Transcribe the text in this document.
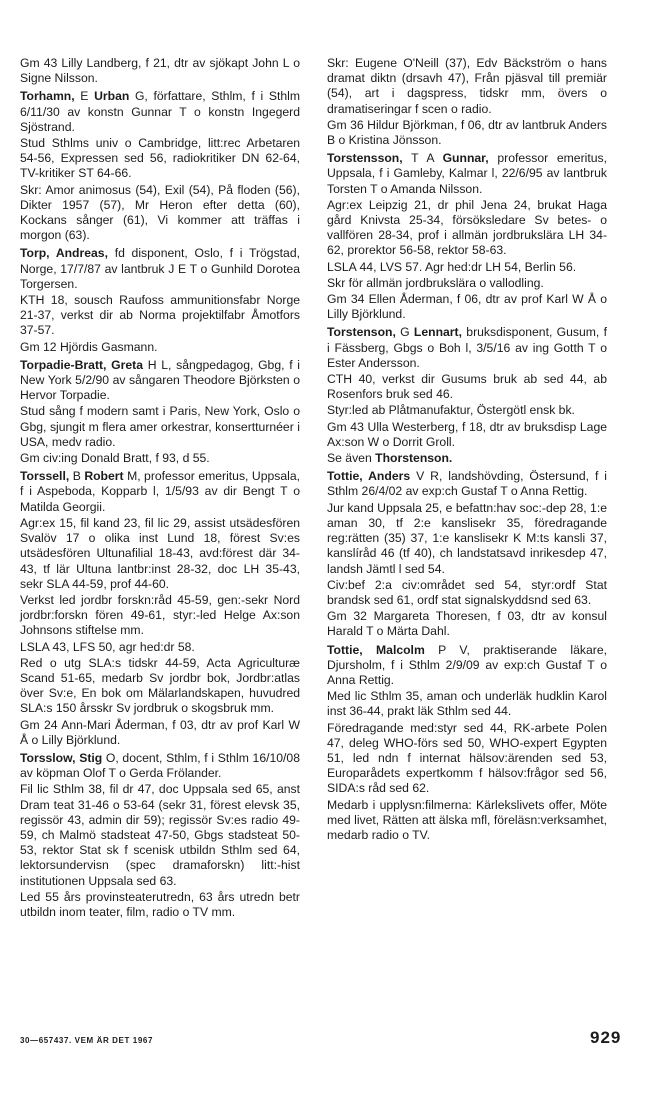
Gm 43 Lilly Landberg, f 21, dtr av sjökapt John L o Signe Nilsson.

Torhamn, E Urban G, författare, Sthlm, f i Sthlm 6/11/30 av konstn Gunnar T o konstn Ingegerd Sjöstrand.

Stud Sthlms univ o Cambridge, litt:rec Arbetaren 54-56, Expressen sed 56, radiokritiker DN 62-64, TV-kritiker ST 64-66.

Skr: Amor animosus (54), Exil (54), På floden (56), Dikter 1957 (57), Mr Heron efter detta (60), Kockans sånger (61), Vi kommer att träffas i morgon (63).

Torp, Andreas, fd disponent, Oslo, f i Trögstad, Norge, 17/7/87 av lantbruk J E T o Gunhild Dorotea Torgersen.

KTH 18, sousch Raufoss ammunitionsfabr Norge 21-37, verkst dir ab Norma projektilfabr Åmotfors 37-57.

Gm 12 Hjördis Gasmann.

Torpadie-Bratt, Greta H L, sångpedagog, Gbg, f i New York 5/2/90 av sångaren Theodore Björksten o Hervor Torpadie.

Stud sång f modern samt i Paris, New York, Oslo o Gbg, sjungit m flera amer orkestrar, konsertturnéer i USA, medv radio.

Gm civ:ing Donald Bratt, f 93, d 55.

Torssell, B Robert M, professor emeritus, Uppsala, f i Aspeboda, Kopparb l, 1/5/93 av dir Bengt T o Matilda Georgii.

Agr:ex 15, fil kand 23, fil lic 29, assist utsädesfören Svalöv 17 o olika inst Lund 18, förest Sv:es utsädesfören Ultunafilial 18-43, avd:förest där 34-43, tf lär Ultuna lantbr:inst 28-32, doc LH 35-43, sekr SLA 44-59, prof 44-60.

Verkst led jordbr forskn:råd 45-59, gen:-sekr Nord jordbr:forskn fören 49-61, styr:-led Helge Ax:son Johnsons stiftelse mm.

LSLA 43, LFS 50, agr hed:dr 58.

Red o utg SLA:s tidskr 44-59, Acta Agriculturæ Scand 51-65, medarb Sv jordbr bok, Jordbr:atlas över Sv:e, En bok om Mälarlandskapen, huvudred SLA:s 150 årsskr Sv jordbruk o skogsbruk mm.

Gm 24 Ann-Mari Åderman, f 03, dtr av prof Karl W Å o Lilly Björklund.

Torsslow, Stig O, docent, Sthlm, f i Sthlm 16/10/08 av köpman Olof T o Gerda Frölander.

Fil lic Sthlm 38, fil dr 47, doc Uppsala sed 65, anst Dram teat 31-46 o 53-64 (sekr 31, förest elevsk 35, regissör 43, admin dir 59); regissör Sv:es radio 49-59, ch Malmö stadsteat 47-50, Gbgs stadsteat 50-53, rektor Stat sk f scenisk utbildn Sthlm sed 64, lektorsundervisn (spec dramaforskn) litt:-hist institutionen Uppsala sed 63.

Led 55 års provinsteaterutredn, 63 års utredn betr utbildn inom teater, film, radio o TV mm.

Skr: Eugene O'Neill (37), Edv Bäckström o hans dramat diktn (drsavh 47), Från pjäsval till premiär (54), art i dagspress, tidskr mm, övers o dramatiseringar f scen o radio.

Gm 36 Hildur Björkman, f 06, dtr av lantbruk Anders B o Kristina Jönsson.

Torstensson, T A Gunnar, professor emeritus, Uppsala, f i Gamleby, Kalmar l, 22/6/95 av lantbruk Torsten T o Amanda Nilsson.

Agr:ex Leipzig 21, dr phil Jena 24, brukat Haga gård Knivsta 25-34, försöksledare Sv betes- o vallfören 28-34, prof i allmän jordbrukslära LH 34-62, prorektor 56-58, rektor 58-63.

LSLA 44, LVS 57. Agr hed:dr LH 54, Berlin 56.

Skr för allmän jordbrukslära o vallodling.

Gm 34 Ellen Åderman, f 06, dtr av prof Karl W Å o Lilly Björklund.

Torstenson, G Lennart, bruksdisponent, Gusum, f i Fässberg, Gbgs o Boh l, 3/5/16 av ing Gotth T o Ester Andersson.

CTH 40, verkst dir Gusums bruk ab sed 44, ab Rosenfors bruk sed 46.

Styr:led ab Plåtmanufaktur, Östergötl ensk bk.

Gm 43 Ulla Westerberg, f 18, dtr av bruksdisp Lage Ax:son W o Dorrit Groll.

Se även Thorstenson.

Tottie, Anders V R, landshövding, Östersund, f i Sthlm 26/4/02 av exp:ch Gustaf T o Anna Rettig.

Jur kand Uppsala 25, e befattn:hav soc:-dep 28, 1:e aman 30, tf 2:e kanslisekr 35, föredragande reg:rätten (35) 37, 1:e kanslisekr K M:ts kansli 37, kanslíråd 46 (tf 40), ch landstatsavd inrikesdep 47, landsh Jämtl l sed 54.

Civ:bef 2:a civ:området sed 54, styr:ordf Stat brandsk sed 61, ordf stat signalskyddsnd sed 63.

Gm 32 Margareta Thoresen, f 03, dtr av konsul Harald T o Märta Dahl.

Tottie, Malcolm P V, praktiserande läkare, Djursholm, f i Sthlm 2/9/09 av exp:ch Gustaf T o Anna Rettig.

Med lic Sthlm 35, aman och underläk hudklin Karol inst 36-44, prakt läk Sthlm sed 44.

Föredragande med:styr sed 44, RK-arbete Polen 47, deleg WHO-förs sed 50, WHO-expert Egypten 51, led ndn f internat hälsov:ärenden sed 53, Europarådets expertkomm f hälsov:frågor sed 56, SIDA:s råd sed 62.

Medarb i upplysn:filmerna: Kärlekslivets offer, Möte med livet, Rätten att älska mfl, föreläsn:verksamhet, medarb radio o TV.

30—657437. VEM ÄR DET 1967	929
